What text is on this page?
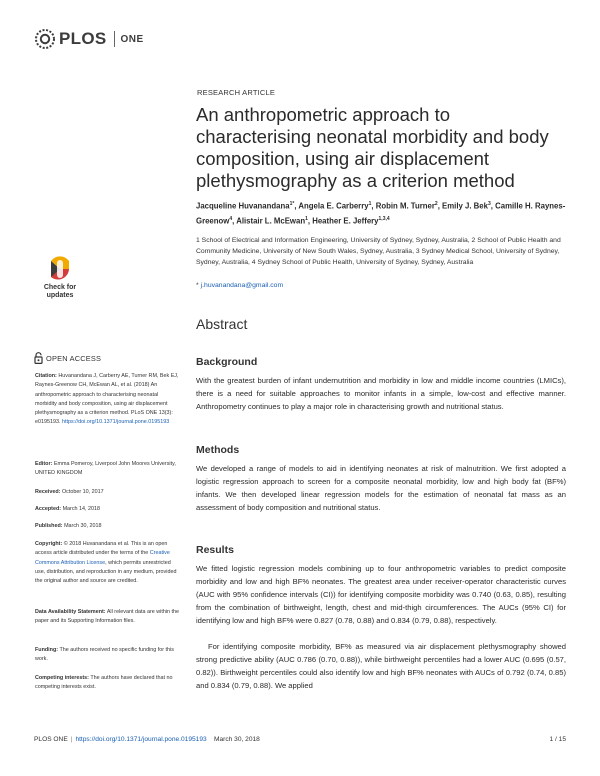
PLOS ONE
RESEARCH ARTICLE
An anthropometric approach to characterising neonatal morbidity and body composition, using air displacement plethysmography as a criterion method
Jacqueline Huvanandana$^{1*}$, Angela E. Carberry$^1$, Robin M. Turner$^2$, Emily J. Bek$^3$, Camille H. Raynes-Greenow$^4$, Alistair L. McEwan$^1$, Heather E. Jeffery$^{1,3,4}$
1 School of Electrical and Information Engineering, University of Sydney, Sydney, Australia, 2 School of Public Health and Community Medicine, University of New South Wales, Sydney, Australia, 3 Sydney Medical School, University of Sydney, Sydney, Australia, 4 Sydney School of Public Health, University of Sydney, Sydney, Australia
* j.huvanandana@gmail.com
Abstract
Background
With the greatest burden of infant undernutrition and morbidity in low and middle income countries (LMICs), there is a need for suitable approaches to monitor infants in a simple, low-cost and effective manner. Anthropometry continues to play a major role in characterising growth and nutritional status.
Methods
We developed a range of models to aid in identifying neonates at risk of malnutrition. We first adopted a logistic regression approach to screen for a composite neonatal morbidity, low and high body fat (BF%) infants. We then developed linear regression models for the estimation of neonatal fat mass as an assessment of body composition and nutritional status.
Results
We fitted logistic regression models combining up to four anthropometric variables to predict composite morbidity and low and high BF% neonates. The greatest area under receiver-operator characteristic curves (AUC with 95% confidence intervals (CI)) for identifying composite morbidity was 0.740 (0.63, 0.85), resulting from the combination of birthweight, length, chest and mid-thigh circumferences. The AUCs (95% CI) for identifying low and high BF% were 0.827 (0.78, 0.88) and 0.834 (0.79, 0.88), respectively.
For identifying composite morbidity, BF% as measured via air displacement plethysmography showed strong predictive ability (AUC 0.786 (0.70, 0.88)), while birthweight percentiles had a lower AUC (0.695 (0.57, 0.82)). Birthweight percentiles could also identify low and high BF% neonates with AUCs of 0.792 (0.74, 0.85) and 0.834 (0.79, 0.88). We applied
Check for updates
OPEN ACCESS
Citation: Huvanandana J, Carberry AE, Turner RM, Bek EJ, Raynes-Greenow CH, McEwan AL, et al. (2018) An anthropometric approach to characterising neonatal morbidity and body composition, using air displacement plethysmography as a criterion method. PLoS ONE 13(3): e0195193. https://doi.org/10.1371/journal.pone.0195193
Editor: Emma Pomeroy, Liverpool John Moores University, UNITED KINGDOM
Received: October 10, 2017
Accepted: March 14, 2018
Published: March 30, 2018
Copyright: © 2018 Huvanandana et al. This is an open access article distributed under the terms of the Creative Commons Attribution License, which permits unrestricted use, distribution, and reproduction in any medium, provided the original author and source are credited.
Data Availability Statement: All relevant data are within the paper and its Supporting Information files.
Funding: The authors received no specific funding for this work.
Competing interests: The authors have declared that no competing interests exist.
PLOS ONE | https://doi.org/10.1371/journal.pone.0195193 March 30, 2018	1 / 15
